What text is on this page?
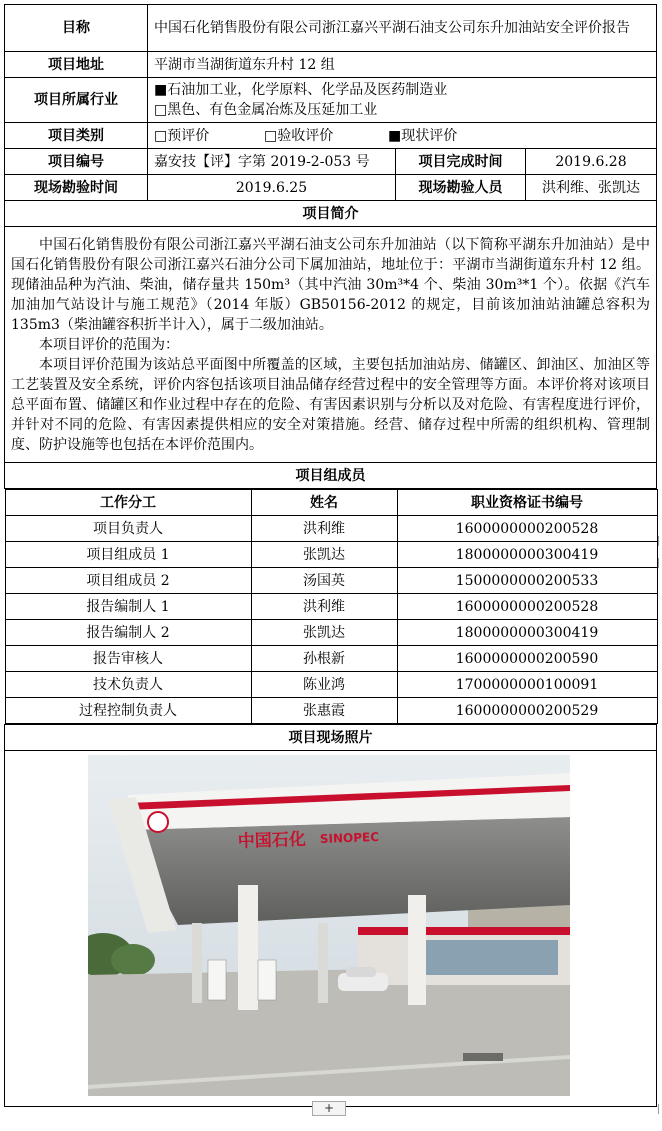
目称	中国石化销售股份有限公司浙江嘉兴平湖石油支公司东升加油站安全评价报告
项目地址	平湖市当湖街道东升村 12 组
项目所属行业	
■石油加工业，化学原料、化学品及医药制造业
□黑色、有色金属冶炼及压延加工业

项目类别	□预评价	□验收评价	■现状评价
项目编号	嘉安技【评】字第 2019-2-053 号	项目完成时间	2019.6.28
现场勘验时间	2019.6.25	现场勘验人员	洪利维、张凯达
项目简介

中国石化销售股份有限公司浙江嘉兴平湖石油支公司东升加油站（以下简称平湖东升加油站）是中国石化销售股份有限公司浙江嘉兴石油分公司下属加油站，地址位于：平湖市当湖街道东升村 12 组。现储油品种为汽油、柴油，储存量共 150m³（其中汽油 30m³*4 个、柴油 30m³*1 个）。依据《汽车加油加气站设计与施工规范》（2014 年版）GB50156-2012 的规定，目前该加油站油罐总容积为 135m3（柴油罐容积折半计入），属于二级加油站。

本项目评价的范围为：

本项目评价范围为该站总平面图中所覆盖的区域，主要包括加油站房、储罐区、卸油区、加油区等工艺装置及安全系统，评价内容包括该项目油品储存经营过程中的安全管理等方面。本评价将对该项目总平面布置、储罐区和作业过程中存在的危险、有害因素识别与分析以及对危险、有害程度进行评价，并针对不同的危险、有害因素提供相应的安全对策措施。经营、储存过程中所需的组织机构、管理制度、防护设施等也包括在本评价范围内。

项目组成员

工作分工	姓名	职业资格证书编号
项目负责人	洪利维	1600000000200528
项目组成员 1	张凯达	1800000000300419
项目组成员 2	汤国英	1500000000200533
报告编制人 1	洪利维	1600000000200528
报告编制人 2	张凯达	1800000000300419
报告审核人	孙根新	1600000000200590
技术负责人	陈业鸿	1700000000100091
过程控制负责人	张惠霞	1600000000200529

项目现场照片

中国石化 SINOPEC
+
